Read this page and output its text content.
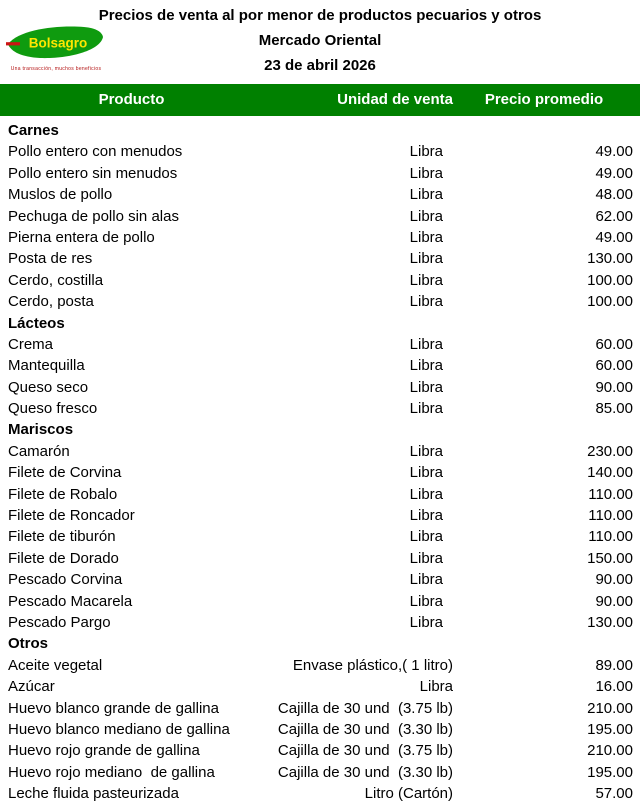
Precios de venta al por menor de productos pecuarios y otros
Mercado Oriental
23 de abril 2026
Bolsagro
Una transacción, muchos beneficios
Producto	Unidad de venta	Precio promedio
Carnes
Pollo entero con menudos	Libra	49.00
Pollo entero sin menudos	Libra	49.00
Muslos de pollo	Libra	48.00
Pechuga de pollo sin alas	Libra	62.00
Pierna entera de pollo	Libra	49.00
Posta de res	Libra	130.00
Cerdo, costilla	Libra	100.00
Cerdo, posta	Libra	100.00
Lácteos
Crema	Libra	60.00
Mantequilla	Libra	60.00
Queso seco	Libra	90.00
Queso fresco	Libra	85.00
Mariscos
Camarón	Libra	230.00
Filete de Corvina	Libra	140.00
Filete de Robalo	Libra	110.00
Filete de Roncador	Libra	110.00
Filete de tiburón	Libra	110.00
Filete de Dorado	Libra	150.00
Pescado Corvina	Libra	90.00
Pescado Macarela	Libra	90.00
Pescado Pargo	Libra	130.00
Otros
Aceite vegetal	Envase plástico,( 1 litro)	89.00
Azúcar	Libra	16.00
Huevo blanco grande de gallina	Cajilla de 30 und  (3.75 lb)	210.00
Huevo blanco mediano de gallina	Cajilla de 30 und  (3.30 lb)	195.00
Huevo rojo grande de gallina	Cajilla de 30 und  (3.75 lb)	210.00
Huevo rojo mediano  de gallina	Cajilla de 30 und  (3.30 lb)	195.00
Leche fluida pasteurizada	Litro (Cartón)	57.00
